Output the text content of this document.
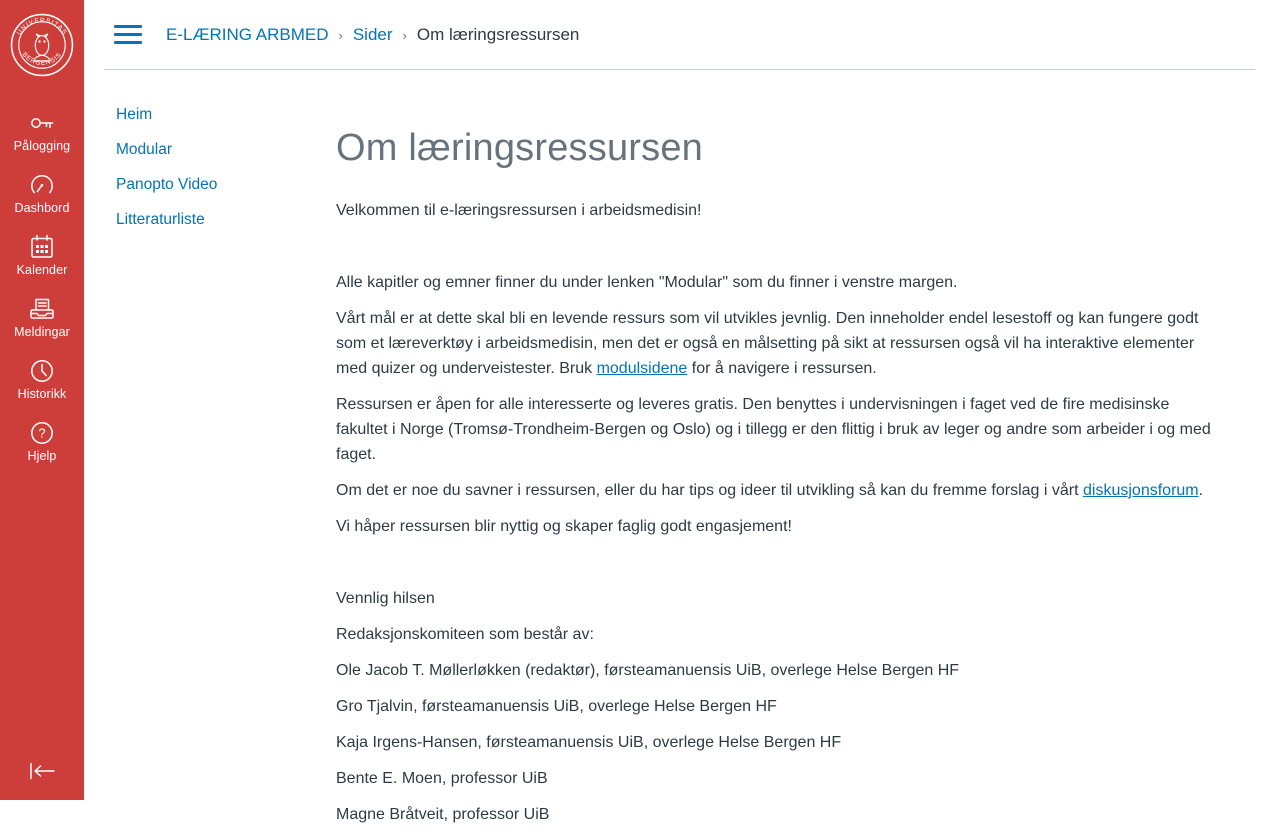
UNIVERSITAS
BERGENSIS
Pålogging
Dashbord
Kalender
Meldingar
Historikk
?
Hjelp
E-LÆRING ARBMED › Sider › Om læringsressursen
Heim
Modular
Panopto Video
Litteraturliste
Om læringsressursen

Velkommen til e-læringsressursen i arbeidsmedisin!

Alle kapitler og emner finner du under lenken "Modular" som du finner i venstre margen.

Vårt mål er at dette skal bli en levende ressurs som vil utvikles jevnlig. Den inneholder endel lesestoff og kan fungere godt som et læreverktøy i arbeidsmedisin, men det er også en målsetting på sikt at ressursen også vil ha interaktive elementer med quizer og underveistester. Bruk modulsidene for å navigere i ressursen.

Ressursen er åpen for alle interesserte og leveres gratis. Den benyttes i undervisningen i faget ved de fire medisinske fakultet i Norge (Tromsø-Trondheim-Bergen og Oslo) og i tillegg er den flittig i bruk av leger og andre som arbeider i og med faget.

Om det er noe du savner i ressursen, eller du har tips og ideer til utvikling så kan du fremme forslag i vårt diskusjonsforum.

Vi håper ressursen blir nyttig og skaper faglig godt engasjement!

Vennlig hilsen

Redaksjonskomiteen som består av:

Ole Jacob T. Møllerløkken (redaktør), førsteamanuensis UiB, overlege Helse Bergen HF

Gro Tjalvin, førsteamanuensis UiB, overlege Helse Bergen HF

Kaja Irgens-Hansen, førsteamanuensis UiB, overlege Helse Bergen HF

Bente E. Moen, professor UiB

Magne Bråtveit, professor UiB
